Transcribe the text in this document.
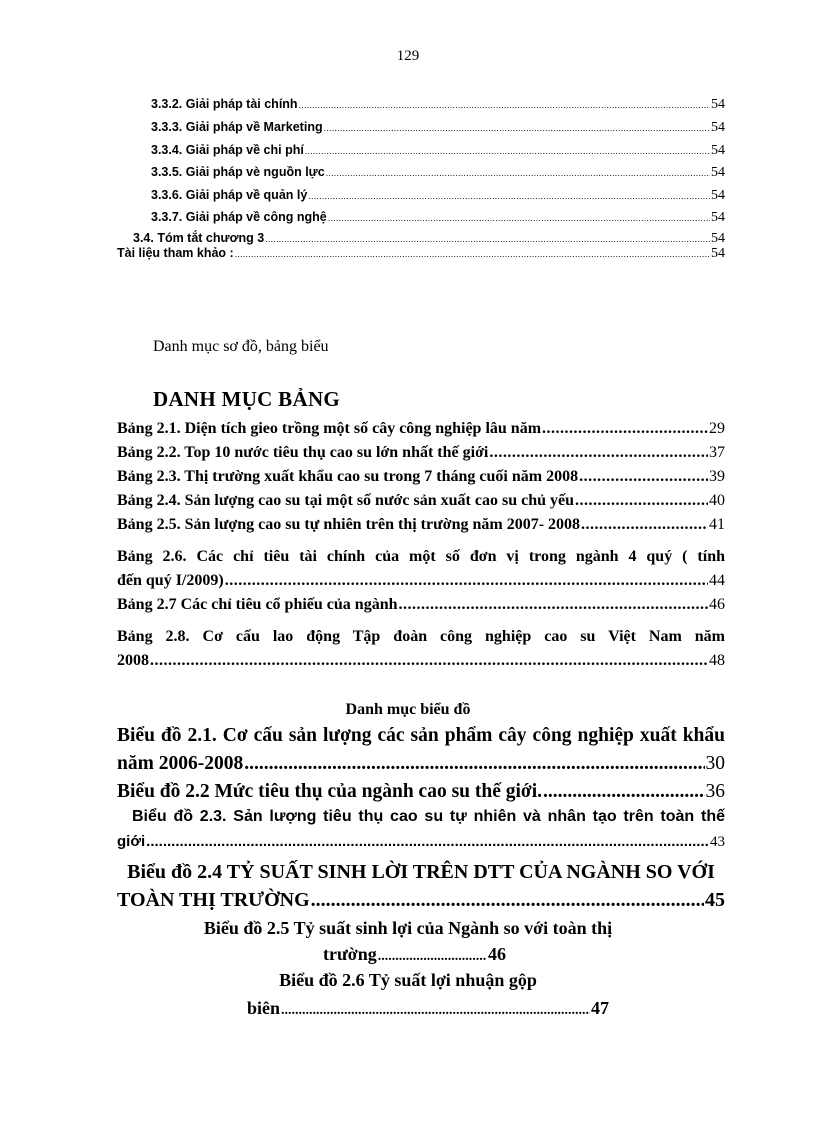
129
3.3.2. Giải pháp tài chính .....	54
3.3.3. Giải pháp về Marketing .....	54
3.3.4. Giải pháp về chi phí .....	54
3.3.5. Giải pháp vè nguồn lực .....	54
3.3.6. Giải pháp về quản lý .....	54
3.3.7. Giải pháp về công nghệ .....	54
3.4. Tóm tắt chương 3 .....	54
Tài liệu tham khảo : .....	54
Danh mục sơ đồ, bảng biểu
DANH MỤC BẢNG
Bảng 2.1. Diện tích gieo trồng một số cây công nghiệp lâu năm .....	29
Bảng 2.2. Top 10 nước tiêu thụ cao su lớn nhất thế giới .....	37
Bảng 2.3. Thị trường xuất khẩu cao su trong 7 tháng cuối năm 2008 .....	39
Bảng 2.4. Sản lượng cao su tại một số nước sản xuất cao su chủ yếu .....	40
Bảng 2.5. Sản lượng cao su tự nhiên trên thị trường năm 2007- 2008 .....	41
Bảng 2.6. Các chỉ tiêu tài chính của một số đơn vị trong ngành 4 quý ( tính
đến quý I/2009) .....	44
Bảng 2.7 Các chỉ tiêu cổ phiếu của ngành .....	46
Bảng 2.8. Cơ cấu lao động Tập đoàn công nghiệp cao su Việt Nam năm
2008 .....	48
Danh mục biểu đồ
Biểu đồ 2.1. Cơ cấu sản lượng các sản phẩm cây công nghiệp xuất khẩu
năm 2006-2008 .....	30
Biểu đồ 2.2 Mức tiêu thụ của ngành cao su thế giới. .....	36
Biểu đồ 2.3. Sản lượng tiêu thụ cao su tự nhiên và nhân tạo trên toàn thế
giới .....	43
Biểu đồ 2.4 TỶ SUẤT SINH LỜI TRÊN DTT CỦA NGÀNH SO VỚI
TOÀN THỊ TRƯỜNG .....	45
Biểu đồ 2.5 Tỷ suất sinh lợi của Ngành so với toàn thị
trường .....	46
Biểu đồ 2.6 Tỷ suất lợi nhuận gộp
biên .....	47
